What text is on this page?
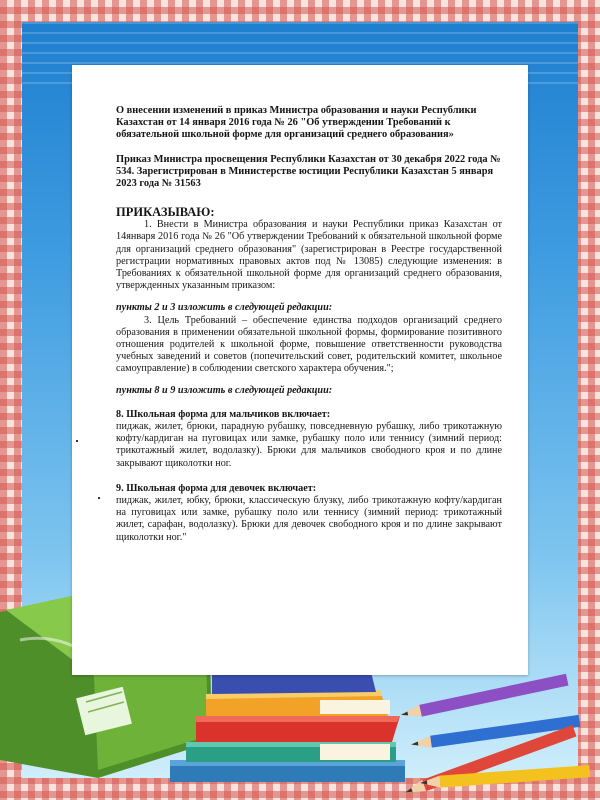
О внесении изменений в приказ Министра образования и науки Республики Казахстан от 14 января 2016 года № 26 "Об утверждении Требований к обязательной школьной форме для организаций среднего образования»

Приказ Министра просвещения Республики Казахстан от 30 декабря 2022 года № 534. Зарегистрирован в Министерстве юстиции Республики Казахстан 5 января 2023 года № 31563

ПРИКАЗЫВАЮ:

1. Внести в Министра образования и науки Республики приказ Казахстан от 14января 2016 года № 26 "Об утверждении Требований к обязательной школьной форме для организаций среднего образования" (зарегистрирован в Реестре государственной регистрации нормативных правовых актов под № 13085) следующие изменения: в Требованиях к обязательной школьной форме для организаций среднего образования, утвержденных указанным приказом:

пункты 2 и 3 изложить в следующей редакции:

3. Цель Требований – обеспечение единства подходов организаций среднего образования в применении обязательной школьной формы, формирование позитивного отношения родителей к школьной форме, повышение ответственности руководства учебных заведений и советов (попечительский совет, родительский комитет, школьное самоуправление) в соблюдении светского характера обучения.";

пункты 8 и 9 изложить в следующей редакции:

8. Школьная форма для мальчиков включает:

пиджак, жилет, брюки, парадную рубашку, повседневную рубашку, либо трикотажную кофту/кардиган на пуговицах или замке, рубашку поло или теннису (зимний период: трикотажный жилет, водолазку). Брюки для мальчиков свободного кроя и по длине закрывают щиколотки ног.

9. Школьная форма для девочек включает:

пиджак, жилет, юбку, брюки, классическую блузку, либо трикотажную кофту/кардиган на пуговицах или замке, рубашку поло или теннису (зимний период: трикотажный жилет, сарафан, водолазку). Брюки для девочек свободного кроя и по длине закрывают щиколотки ног."
